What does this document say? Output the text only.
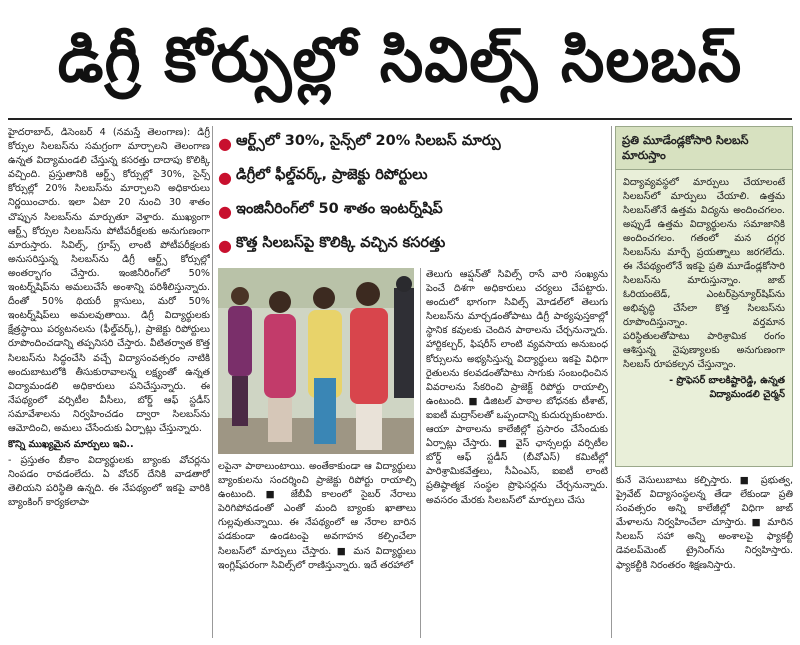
డిగ్రీ కోర్సుల్లో సివిల్స్ సిలబస్

హైదరాబాద్, డిసెంబర్ 4 (నమస్తే తెలంగాణ): డిగ్రీ కోర్సుల సిలబస్‌ను సమగ్రంగా మార్చాలని తెలంగాణ ఉన్నత విద్యామండలి చేస్తున్న కసరత్తు దాదాపు కొలిక్కి వచ్చింది. ప్రస్తుతానికి ఆర్ట్స్ కోర్సుల్లో 30%, సైన్స్ కోర్సుల్లో 20% సిలబస్‌ను మార్చాలని అధికారులు నిర్ణయించారు. ఇలా ఏటా 20 నుంచి 30 శాతం చొప్పున సిలబస్‌ను మార్చుతూ వెళ్తారు. ముఖ్యంగా ఆర్ట్స్ కోర్సుల సిలబస్‌ను పోటీపరీక్షలకు అనుగుణంగా మారుస్తారు. సివిల్స్, గ్రూప్స్ లాంటి పోటీపరీక్షలకు అనుసరిస్తున్న సిలబస్‌ను డిగ్రీ ఆర్ట్స్ కోర్సుల్లో అంతర్భాగం చేస్తారు. ఇంజినీరింగ్‌లో 50% ఇంటర్న్‌షిప్‌ను అమలుచేసే అంశాన్ని పరిశీలిస్తున్నారు. దీంతో 50% థియరీ క్లాసులు, మరో 50% ఇంటర్న్‌షిప్‌లు అమలవుతాయి. డిగ్రీ విద్యార్థులకు క్షేత్రస్థాయి పర్యటనలను (ఫీల్డ్‌వర్క్), ప్రాజెక్టు రిపోర్టులు రూపొందించడాన్ని తప్పనిసరి చేస్తారు. వీటితర్వాత కొత్త సిలబస్‌ను సిద్ధంచేసి వచ్చే విద్యాసంవత్సరం నాటికి అందుబాటులోకి తీసుకురావాలన్న లక్ష్యంతో ఉన్నత విద్యామండలి అధికారులు పనిచేస్తున్నారు. ఈ నేపథ్యంలో వర్సిటీల వీసీలు, బోర్డ్ ఆఫ్ స్టడీస్ సమావేశాలను నిర్వహించడం ద్వారా సిలబస్‌ను ఆమోదించి, అమలు చేసేందుకు ఏర్పాట్లు చేస్తున్నారు.

కొన్ని ముఖ్యమైన మార్పులు ఇవి..

- ప్రస్తుతం బీకాం విద్యార్థులకు బ్యాంకు వోచర్లను నింపడం రావడంలేదు. ఏ వోచర్ దేనికి వాడతారో తెలియని పరిస్థితి ఉన్నది. ఈ నేపథ్యంలో ఇకపై వారికి బ్యాంకింగ్ కార్యకలాపా

● ఆర్ట్స్‌లో 30%, సైన్స్‌లో 20% సిలబస్ మార్పు
● డిగ్రీలో ఫీల్డ్‌వర్క్, ప్రాజెక్టు రిపోర్టులు
● ఇంజినీరింగ్‌లో 50 శాతం ఇంటర్న్‌షిప్
● కొత్త సిలబస్‌పై కొలిక్కి వచ్చిన కసరత్తు

లపైనా పాఠాలుంటాయి. అంతేకాకుండా ఆ విద్యార్థులు బ్యాంకులను సందర్శించి ప్రాజెక్టు రిపోర్టు రాయాల్సి ఉంటుంది. ■ జేబీవీ కాలంలో సైబర్ నేరాలు పెరిగిపోవడంతో ఎంతో మంది బ్యాంకు ఖాతాలు గుల్లవుతున్నాయి. ఈ నేపథ్యంలో ఆ నేరాల బారిన పడకుండా ఉండటంపై అవగాహన కల్పించేలా సిలబస్‌లో మార్పులు చేస్తారు. ■ మన విద్యార్థులు ఇంగ్లిష్‌పరంగా సివిల్స్‌లో రాణిస్తున్నారు. ఇదే తరహాలో

తెలుగు ఆప్షన్‌తో సివిల్స్ రాసే వారి సంఖ్యను పెంచే దిశగా అధికారులు చర్యలు చేపట్టారు. అందులో భాగంగా సివిల్స్ మోడల్‌లో తెలుగు సిలబస్‌ను మార్చడంతోపాటు డిగ్రీ పాఠ్యపుస్తకాల్లో స్థానిక కవులకు చెందిన పాఠాలను చేర్చనున్నారు. హార్టికల్చర్, ఫిషరీస్ లాంటి వ్యవసాయ అనుబంధ కోర్సులను అభ్యసిస్తున్న విద్యార్థులు ఇకపై విధిగా రైతులను కలవడంతోపాటు సాగుకు సంబంధించిన వివరాలను సేకరించి ప్రాజెక్ట్ రిపోర్టు రాయాల్సి ఉంటుంది. ■ డిజిటల్ పాఠాల బోధనకు టీశాట్, ఐఐటీ మద్రాస్‌లతో ఒప్పందాన్ని కుదుర్చుకుంటారు. ఆయా పాఠాలను కాలేజీల్లో ప్రసారం చేసేందుకు ఏర్పాట్లు చేస్తారు. ■ వైస్ ఛాన్సలర్లు వర్సిటీల బోర్డ్ ఆఫ్ స్టడీస్ (బీవోఎస్) కమిటీల్లో పారిశ్రామికవేత్తలు, సీఏంఎస్, ఐఐటీ లాంటి ప్రతిష్ఠాత్మక సంస్థల ప్రొఫెసర్లను చేర్చనున్నారు. అవసరం మేరకు సిలబస్‌లో మార్పులు చేసు

ప్రతి మూడేండ్లకోసారి సిలబస్ మారుస్తాం
విద్యావ్యవస్థలో మార్పులు చేయాలంటే సిలబస్‌లో మార్పులు చేయాలి. ఉత్తమ సిలబస్‌తోనే ఉత్తమ విద్యను అందించగలం. అప్పుడే ఉత్తమ విద్యార్థులను సమాజానికి అందించగలం. గతంలో మన దగ్గర సిలబస్‌ను మార్చే ప్రయత్నాలు జరగలేదు. ఈ నేపథ్యంలోనే ఇకపై ప్రతి మూడేండ్లకోసారి సిలబస్‌ను మారుస్తున్నాం. జాబ్ ఓరియంటెడ్, ఎంటర్‌ప్రెన్యూర్‌షిప్‌ను అభివృద్ధి చేసేలా కొత్త సిలబస్‌ను రూపొందిస్తున్నాం. వర్తమాన పరిస్థితులతోపాటు పారిశ్రామిక రంగం ఆశిస్తున్న నైపుణ్యాలకు అనుగుణంగా సిలబస్ రూపకల్పన చేస్తున్నాం.
- ప్రొఫెసర్ బాలకిష్టారెడ్డి, ఉన్నత విద్యామండలి చైర్మన్

కునే వెసులుబాటు కల్పిస్తారు. ■ ప్రభుత్వ, ప్రైవేట్ విద్యాసంస్థలన్న తేడా లేకుండా ప్రతి సంవత్సరం అన్ని కాలేజీల్లో విధిగా జాబ్ మేళాలను నిర్వహించేలా చూస్తారు. ■ మారిన సిలబస్ సహా అన్ని అంశాలపై ఫ్యాకల్టీ డెవలప్‌మెంట్ ట్రైనింగ్‌ను నిర్వహిస్తారు. ఫ్యాకల్టీకి నిరంతరం శిక్షణనిస్తారు.
